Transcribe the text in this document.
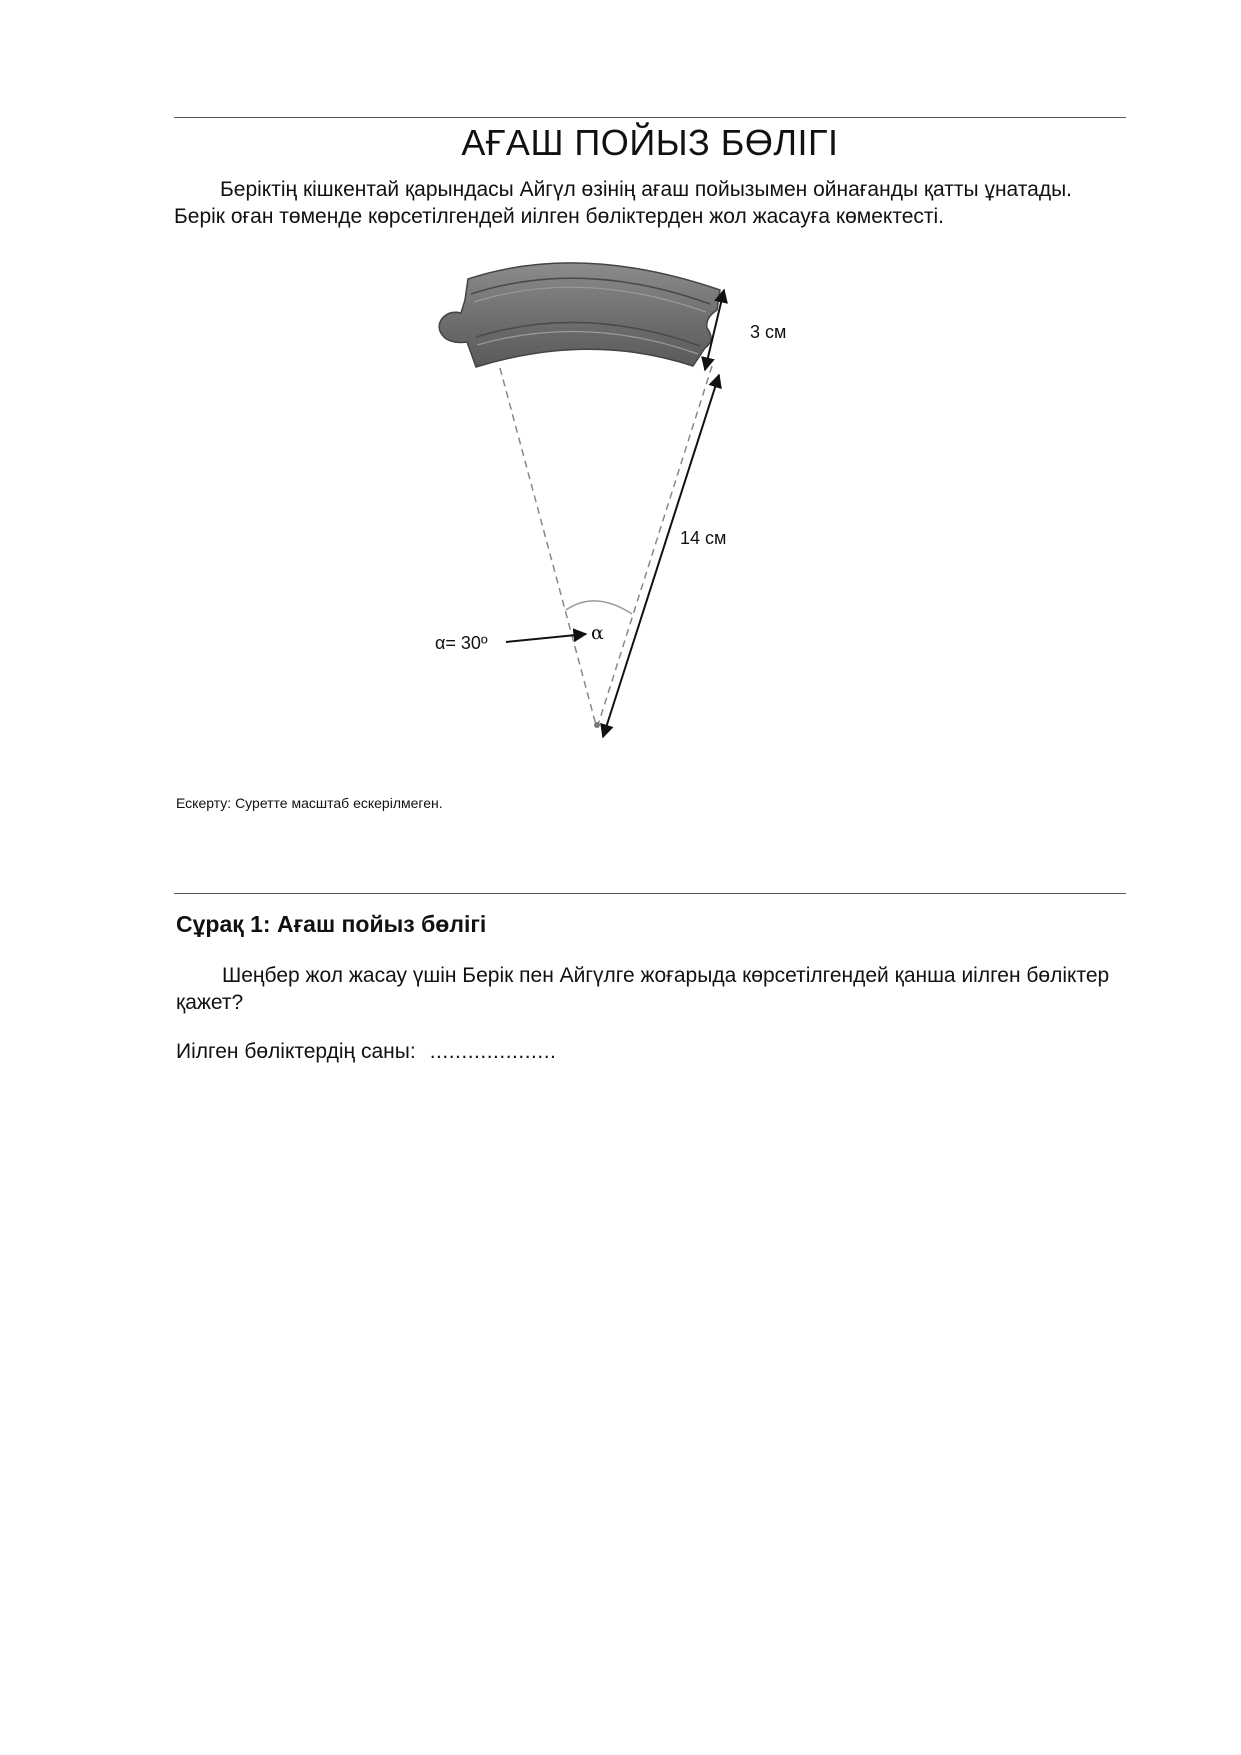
АҒАШ ПОЙЫЗ БӨЛІГІ
Беріктің кішкентай қарындасы Айгүл өзінің ағаш пойызымен ойнағанды қатты ұнатады. Берік оған төменде көрсетілгендей иілген бөліктерден жол жасауға көмектесті.
3 см
14 см
α
α= 30º
Ескерту: Суретте масштаб ескерілмеген.
Сұрақ 1: Ағаш пойыз бөлігі
Шеңбер жол жасау үшін Берік пен Айгүлге жоғарыда көрсетілгендей қанша иілген бөліктер қажет?
Иілген бөліктердің саны: ....................
